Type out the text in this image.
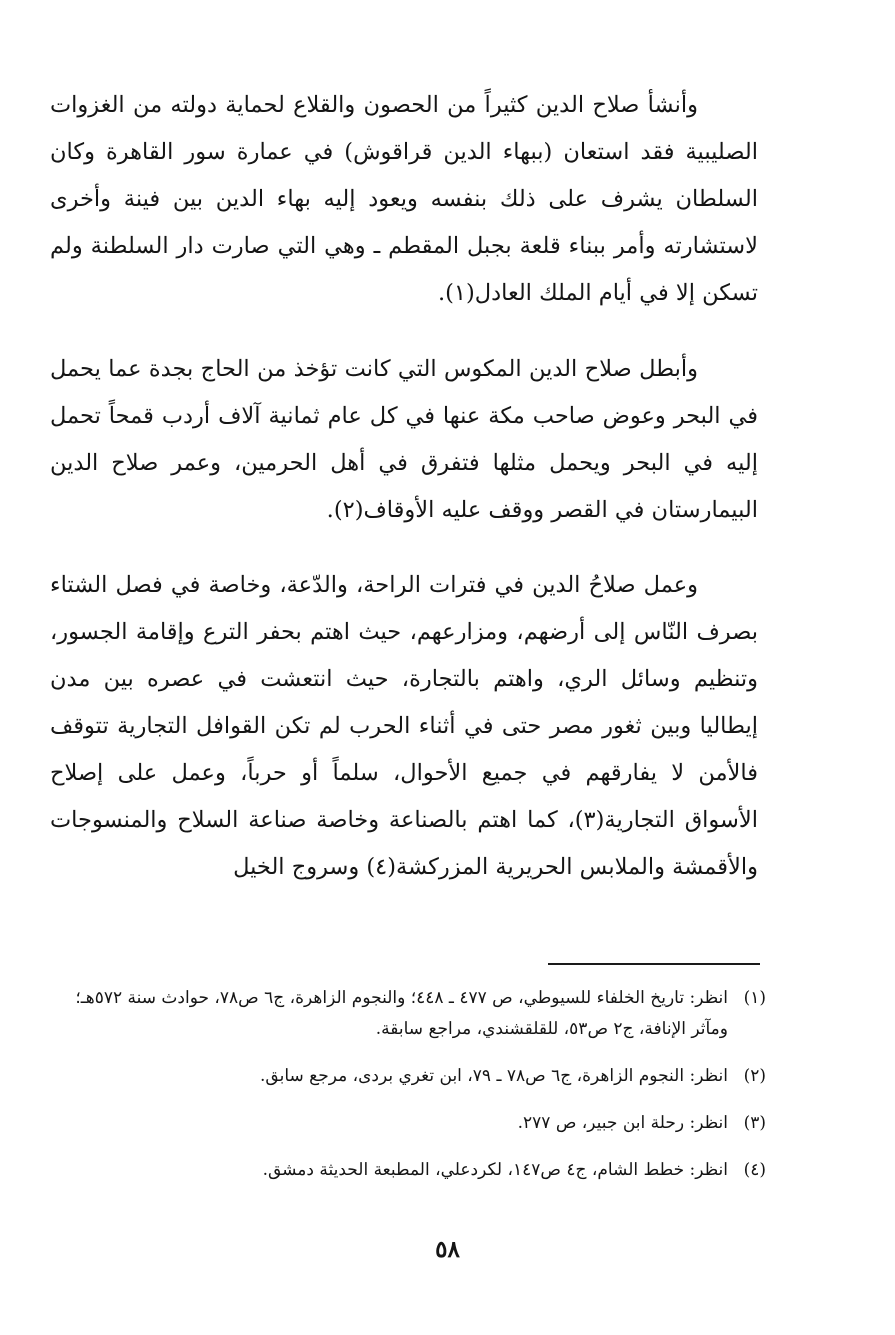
وأنشأ صلاح الدين كثيراً من الحصون والقلاع لحماية دولته من الغزوات الصليبية فقد استعان (ببهاء الدين قراقوش) في عمارة سور القاهرة وكان السلطان يشرف على ذلك بنفسه ويعود إليه بهاء الدين بين فينة وأخرى لاستشارته وأمر ببناء قلعة بجبل المقطم ـ وهي التي صارت دار السلطنة ولم تسكن إلا في أيام الملك العادل(١).

وأبطل صلاح الدين المكوس التي كانت تؤخذ من الحاج بجدة عما يحمل في البحر وعوض صاحب مكة عنها في كل عام ثمانية آلاف أردب قمحاً تحمل إليه في البحر ويحمل مثلها فتفرق في أهل الحرمين، وعمر صلاح الدين البيمارستان في القصر ووقف عليه الأوقاف(٢).

وعمل صلاحُ الدين في فترات الراحة، والدّعة، وخاصة في فصل الشتاء بصرف النّاس إلى أرضهم، ومزارعهم، حيث اهتم بحفر الترع وإقامة الجسور، وتنظيم وسائل الري، واهتم بالتجارة، حيث انتعشت في عصره بين مدن إيطاليا وبين ثغور مصر حتى في أثناء الحرب لم تكن القوافل التجارية تتوقف فالأمن لا يفارقهم في جميع الأحوال، سلماً أو حرباً، وعمل على إصلاح الأسواق التجارية(٣)، كما اهتم بالصناعة وخاصة صناعة السلاح والمنسوجات والأقمشة والملابس الحريرية المزركشة(٤) وسروج الخيل

(١)
انظر: تاريخ الخلفاء للسيوطي، ص ٤٧٧ ـ ٤٤٨؛ والنجوم الزاهرة، ج٦ ص٧٨، حوادث سنة ٥٧٢هـ؛ ومآثر الإنافة، ج٢ ص٥٣، للقلقشندي، مراجع سابقة.
(٢)
انظر: النجوم الزاهرة، ج٦ ص٧٨ ـ ٧٩، ابن تغري بردى، مرجع سابق.
(٣)
انظر: رحلة ابن جبير، ص ٢٧٧.
(٤)
انظر: خطط الشام، ج٤ ص١٤٧، لكردعلي، المطبعة الحديثة دمشق.
٥٨
